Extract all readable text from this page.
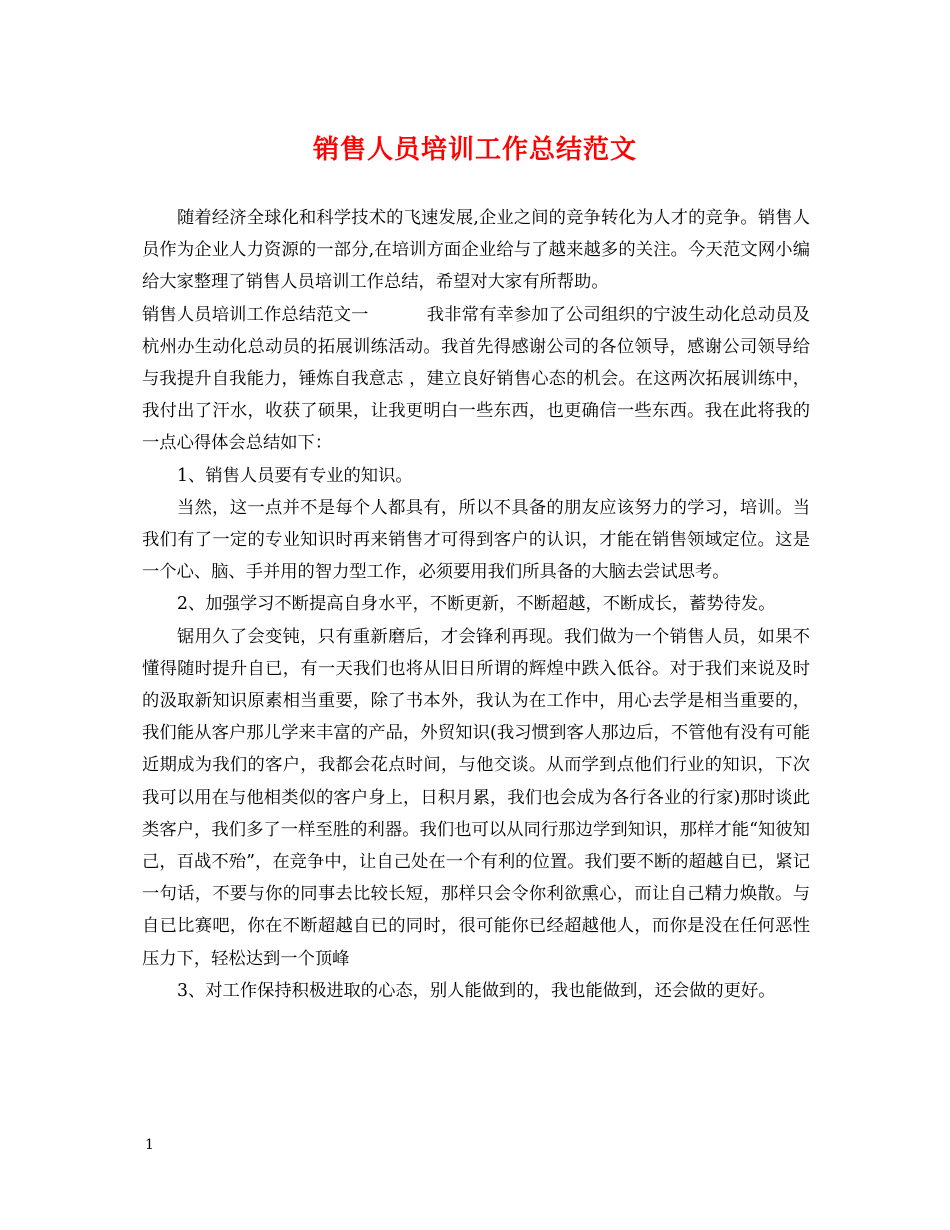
销售人员培训工作总结范文

随着经济全球化和科学技术的飞速发展,企业之间的竞争转化为人才的竞争。销售人员作为企业人力资源的一部分,在培训方面企业给与了越来越多的关注。今天范文网小编给大家整理了销售人员培训工作总结，希望对大家有所帮助。

销售人员培训工作总结范文一	我非常有幸参加了公司组织的宁波生动化总动员及杭州办生动化总动员的拓展训练活动。我首先得感谢公司的各位领导，感谢公司领导给与我提升自我能力，锤炼自我意志 ，建立良好销售心态的机会。在这两次拓展训练中，我付出了汗水，收获了硕果，让我更明白一些东西，也更确信一些东西。我在此将我的一点心得体会总结如下：

1、销售人员要有专业的知识。

当然，这一点并不是每个人都具有，所以不具备的朋友应该努力的学习，培训。当我们有了一定的专业知识时再来销售才可得到客户的认识，才能在销售领域定位。这是一个心、脑、手并用的智力型工作，必须要用我们所具备的大脑去尝试思考。

2、加强学习不断提高自身水平，不断更新，不断超越，不断成长，蓄势待发。

锯用久了会变钝，只有重新磨后，才会锋利再现。我们做为一个销售人员，如果不懂得随时提升自已，有一天我们也将从旧日所谓的辉煌中跌入低谷。对于我们来说及时的汲取新知识原素相当重要，除了书本外，我认为在工作中，用心去学是相当重要的，我们能从客户那儿学来丰富的产品，外贸知识(我习惯到客人那边后，不管他有没有可能近期成为我们的客户，我都会花点时间，与他交谈。从而学到点他们行业的知识，下次我可以用在与他相类似的客户身上，日积月累，我们也会成为各行各业的行家)那时谈此类客户，我们多了一样至胜的利器。我们也可以从同行那边学到知识，那样才能“知彼知己，百战不殆”，在竞争中，让自己处在一个有利的位置。我们要不断的超越自已，紧记一句话，不要与你的同事去比较长短，那样只会令你利欲熏心，而让自己精力焕散。与自已比赛吧，你在不断超越自已的同时，很可能你已经超越他人，而你是没在任何恶性压力下，轻松达到一个顶峰

3、对工作保持积极进取的心态，别人能做到的，我也能做到，还会做的更好。

1
